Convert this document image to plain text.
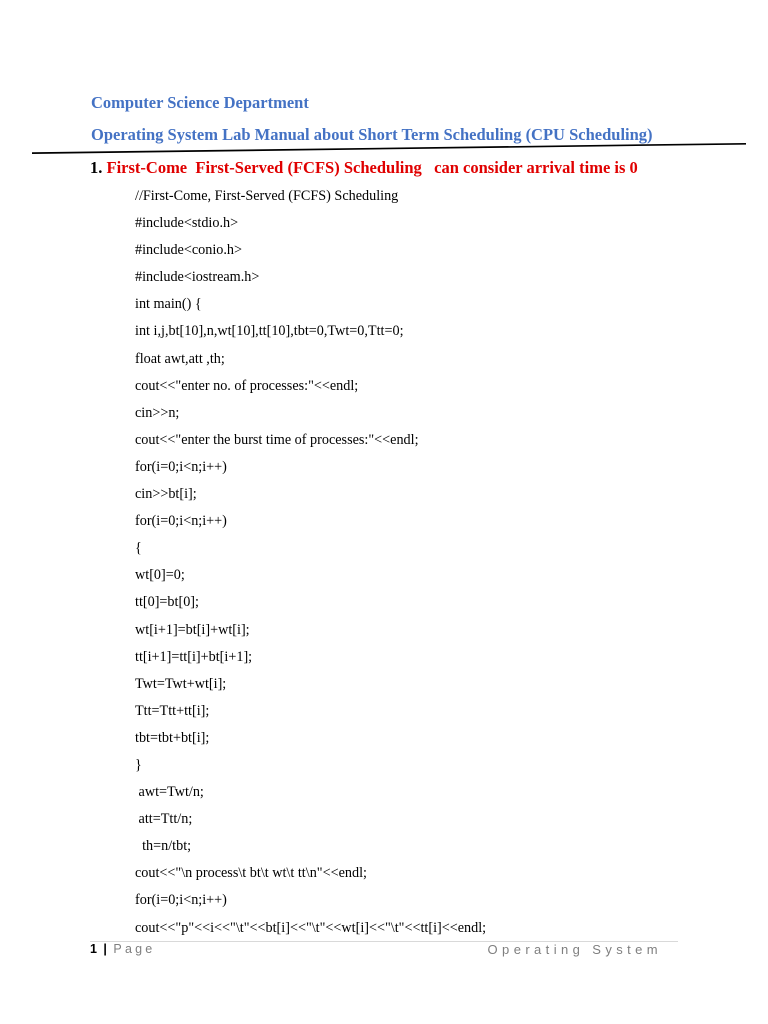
Computer Science Department
Operating System Lab Manual about Short Term Scheduling (CPU Scheduling)
1. First-Come  First-Served (FCFS) Scheduling   can consider arrival time is 0
//First-Come, First-Served (FCFS) Scheduling
#include<stdio.h>
#include<conio.h>
#include<iostream.h>
int main() {
int i,j,bt[10],n,wt[10],tt[10],tbt=0,Twt=0,Ttt=0;
float awt,att ,th;
cout<<"enter no. of processes:"<<endl;
cin>>n;
cout<<"enter the burst time of processes:"<<endl;
for(i=0;i<n;i++)
cin>>bt[i];
for(i=0;i<n;i++)
{
wt[0]=0;
tt[0]=bt[0];
wt[i+1]=bt[i]+wt[i];
tt[i+1]=tt[i]+bt[i+1];
Twt=Twt+wt[i];
Ttt=Ttt+tt[i];
tbt=tbt+bt[i];
}
awt=Twt/n;
att=Ttt/n;
th=n/tbt;
cout<<"\n process\t bt\t wt\t tt\n"<<endl;
for(i=0;i<n;i++)
cout<<"p"<<i<<"\t"<<bt[i]<<"\t"<<wt[i]<<"\t"<<tt[i]<<endl;
1 | Page	Operating System
